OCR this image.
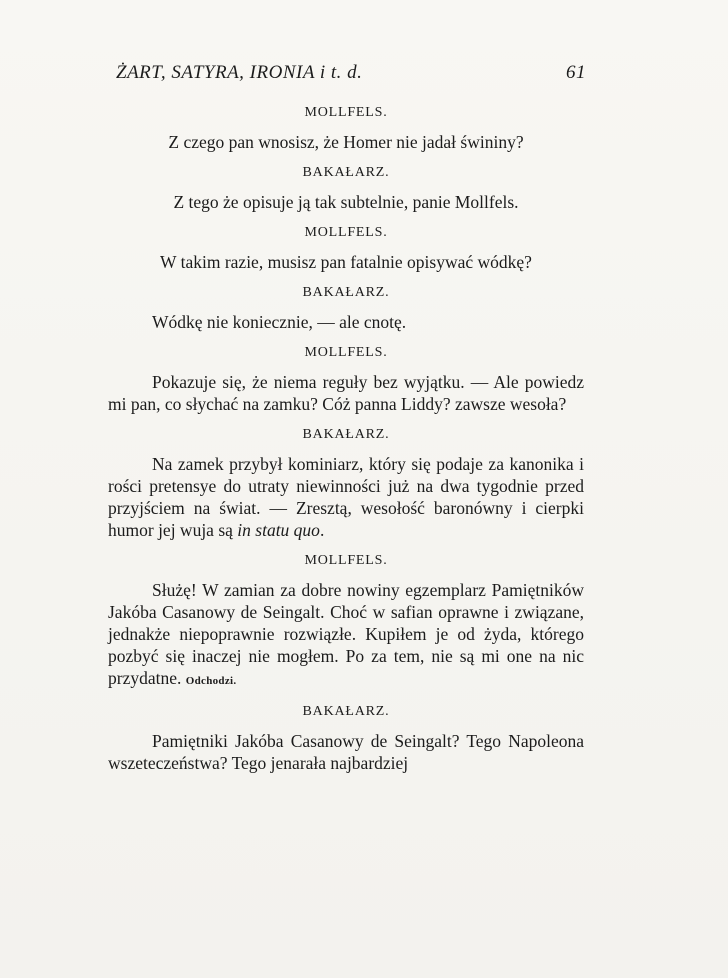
ŻART, SATYRA, IRONIA i t. d.	61
MOLLFELS.

Z czego pan wnosisz, że Homer nie jadał świniny?

BAKAŁARZ.

Z tego że opisuje ją tak subtelnie, panie Mollfels.

MOLLFELS.

W takim razie, musisz pan fatalnie opisywać wódkę?

BAKAŁARZ.

Wódkę nie koniecznie, — ale cnotę.

MOLLFELS.

Pokazuje się, że niema reguły bez wyjątku. — Ale powiedz mi pan, co słychać na zamku? Cóż panna Liddy? zawsze wesoła?

BAKAŁARZ.

Na zamek przybył kominiarz, który się podaje za kanonika i rości pretensye do utraty niewinności już na dwa tygodnie przed przyjściem na świat. — Zresztą, wesołość baronówny i cierpki humor jej wuja są in statu quo.

MOLLFELS.

Służę! W zamian za dobre nowiny egzemplarz Pamiętników Jakóba Casanowy de Seingalt. Choć w safian oprawne i związane, jednakże niepoprawnie rozwiązłe. Kupiłem je od żyda, którego pozbyć się inaczej nie mogłem. Po za tem, nie są mi one na nic przydatne. Odchodzi.

BAKAŁARZ.

Pamiętniki Jakóba Casanowy de Seingalt? Tego Napoleona wszeteczeństwa? Tego jenarała najbardziej
